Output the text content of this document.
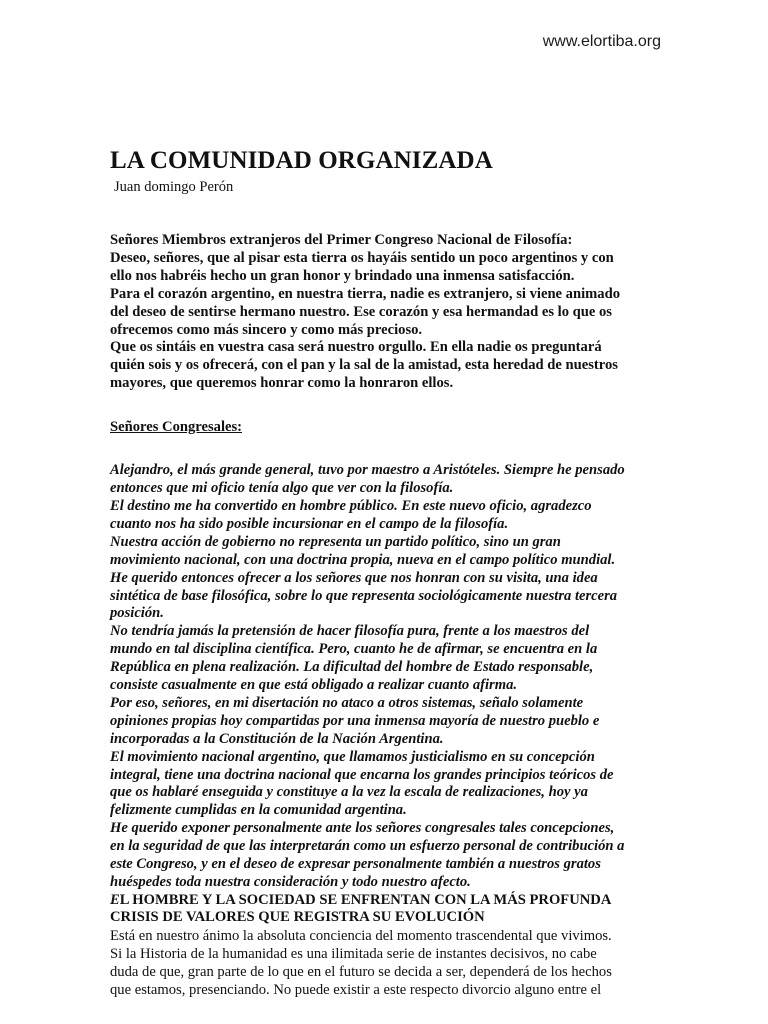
www.elortiba.org
LA COMUNIDAD ORGANIZADA
Juan domingo Perón

Señores Miembros extranjeros del Primer Congreso Nacional de Filosofía:

Deseo, señores, que al pisar esta tierra os hayáis sentido un poco argentinos y con

ello nos habréis hecho un gran honor y brindado una inmensa satisfacción.

Para el corazón argentino, en nuestra tierra, nadie es extranjero, si viene animado

del deseo de sentirse hermano nuestro. Ese corazón y esa hermandad es lo que os

ofrecemos como más sincero y como más precioso.

Que os sintáis en vuestra casa será nuestro orgullo. En ella nadie os preguntará

quién sois y os ofrecerá, con el pan y la sal de la amistad, esta heredad de nuestros

mayores, que queremos honrar como la honraron ellos.

Señores Congresales:

Alejandro, el más grande general, tuvo por maestro a Aristóteles. Siempre he pensado

entonces que mi oficio tenía algo que ver con la filosofía.

El destino me ha convertido en hombre público. En este nuevo oficio, agradezco

cuanto nos ha sido posible incursionar en el campo de la filosofía.

Nuestra acción de gobierno no representa un partido político, sino un gran

movimiento nacional, con una doctrina propia, nueva en el campo político mundial.

He querido entonces ofrecer a los señores que nos honran con su visita, una idea

sintética de base filosófica, sobre lo que representa sociológicamente nuestra tercera

posición.

No tendría jamás la pretensión de hacer filosofía pura, frente a los maestros del

mundo en tal disciplina científica. Pero, cuanto he de afirmar, se encuentra en la

República en plena realización. La dificultad del hombre de Estado responsable,

consiste casualmente en que está obligado a realizar cuanto afirma.

Por eso, señores, en mi disertación no ataco a otros sistemas, señalo solamente

opiniones propias hoy compartidas por una inmensa mayoría de nuestro pueblo e

incorporadas a la Constitución de la Nación Argentina.

El movimiento nacional argentino, que llamamos justicialismo en su concepción

integral, tiene una doctrina nacional que encarna los grandes principios teóricos de

que os hablaré enseguida y constituye a la vez la escala de realizaciones, hoy ya

felizmente cumplidas en la comunidad argentina.

He querido exponer personalmente ante los señores congresales tales concepciones,

en la seguridad de que las interpretarán como un esfuerzo personal de contribución a

este Congreso, y en el deseo de expresar personalmente también a nuestros gratos

huéspedes toda nuestra consideración y todo nuestro afecto.

EL HOMBRE Y LA SOCIEDAD SE ENFRENTAN CON LA MÁS PROFUNDA
CRISIS DE VALORES QUE REGISTRA SU EVOLUCIÓN

Está en nuestro ánimo la absoluta conciencia del momento trascendental que vivimos.

Si la Historia de la humanidad es una ilimitada serie de instantes decisivos, no cabe

duda de que, gran parte de lo que en el futuro se decida a ser, dependerá de los hechos

que estamos, presenciando. No puede existir a este respecto divorcio alguno entre el
